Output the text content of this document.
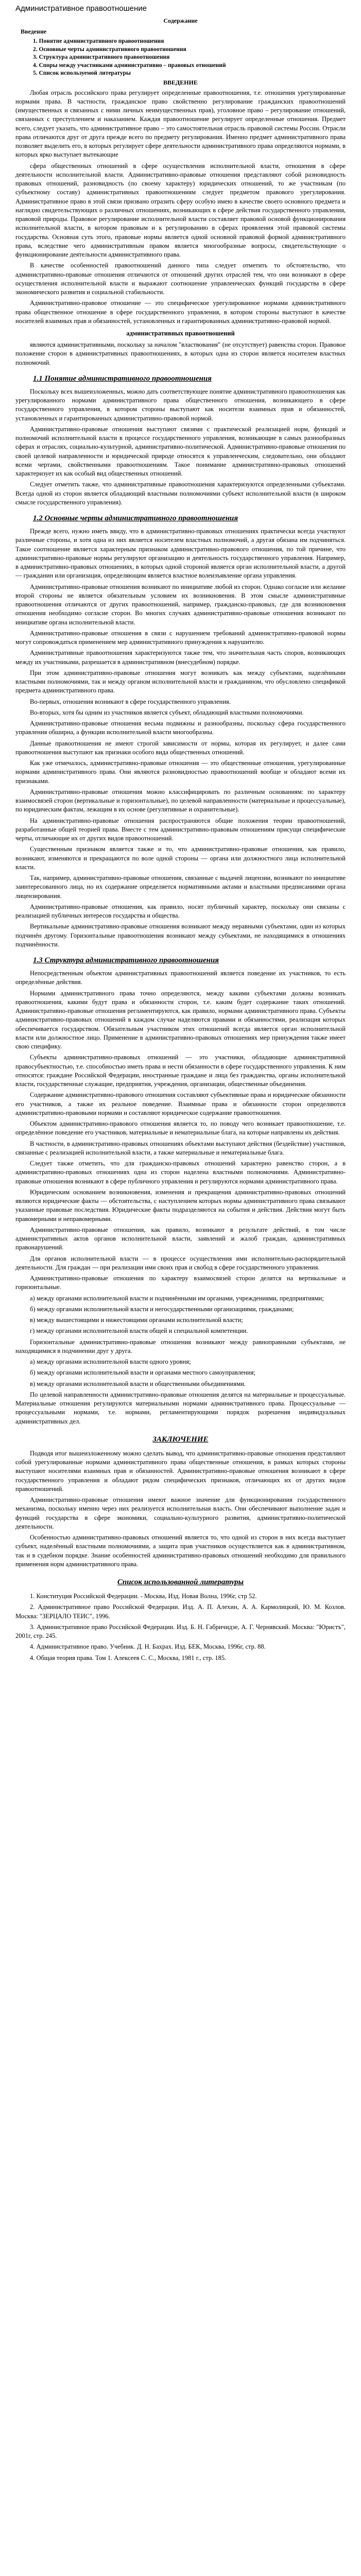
Административное правоотношение
Содержание
Введение
1. Понятие административного правоотношения
2. Основные черты административного правоотношения
3. Структура административного правоотношения
4. Споры между участниками административно – правовых отношений
5. Список используемой литературы
ВВЕДЕНИЕ

Любая отрасль российского права регулирует определенные правоотношения, т.е. отношения урегулированные нормами права. В частности, гражданское право свойственно регулирование гражданских правоотношений (имущественных и связанных с ними личных неимущественных прав), уголовное право – регулирование отношений, связанных с преступлением и наказанием. Каждая правоотношение регулирует определенные отношения. Предмет всего, следует указать, что административное право – это самостоятельная отрасль правовой системы России. Отрасли права отличаются друг от друга прежде всего по предмету регулирования. Именно предмет административного права позволяет выделить его, в которых регулирует сфере деятельности административного права определяются нормами, в которых ярко выступает вытекающие

сфера общественных отношений в сфере осуществления исполнительной власти, отношения в сфере деятельности исполнительной власти. Административно-правовые отношения представляют собой разновидность правовых отношений, разновидность (по своему характеру) юридических отношений, то же участникам (по субъектному составу) административных правоотношениям следует предметом правового урегулирования. Административное право в этой связи призвано отразить сферу особую имею в качестве своего основного предмета и наглядно свидетельствующих о различных отношениях, возникающих в сфере действия государственного управления, правовой природы. Правовое регулирование исполнительной власти составляет правовой основой функционирования исполнительной власти, в котором правовым и к регулированию в сферах проявления этой правовой системы государства. Основная суть этого, правовые нормы является одной основной правовой формой административного права, вследствие чего административным правом является многообразные вопросы, свидетельствующие о функционирование деятельности административного права.

В качестве особенностей правоотношений данного типа следует отметить то обстоятельство, что административно-правовые отношения отличаются от отношений других отраслей тем, что они возникают в сфере осуществления исполнительной власти и выражают соотношение управленческих функций государства в сфере экономического развития и социальной стабильности.

Административно-правовое отношение — это специфическое урегулированное нормами административного права общественное отношение в сфере государственного управления, в котором стороны выступают в качестве носителей взаимных прав и обязанностей, установленных и гарантированных административно-правовой нормой.

административных правоотношений

являются административными, поскольку за началом "властвования" (не отсутствует) равенства сторон. Правовое положение сторон в административных правоотношениях, в которых одна из сторон является носителем властных полномочий.

1.1 Понятие административного правоотношения

Поскольку всех вышеизложенных, можно дать соответствующее понятие административного правоотношения как урегулированного нормами административного права общественного отношения, возникающего в сфере государственного управления, в котором стороны выступают как носители взаимных прав и обязанностей, установленных и гарантированных административно-правовой нормой.

Административно-правовые отношения выступают связями с практической реализацией норм, функций и полномочий исполнительной власти в процессе государственного управления, возникающие в самых разнообразных сферах и отраслях, социально-культурной, административно-политической. Административно-правовые отношения по своей целевой направленности и юридической природе относятся к управленческим, следовательно, они обладают всеми чертами, свойственными правоотношениям. Такое понимание административно-правовых отношений характеризует их как особый вид общественных отношений.

Следует отметить также, что административные правоотношения характеризуются определенными субъектами. Всегда одной из сторон является обладающий властными полномочиями субъект исполнительной власти (в широком смысле государственного управления).

1.2 Основные черты административного правоотношения

Прежде всего, нужно иметь ввиду, что в административно-правовых отношениях практически всегда участвуют различные стороны, и хотя одна из них является носителем властных полномочий, а другая обязана им подчиняться. Такое соотношение является характерным признаком административно-правового отношения, по той причине, что административно-правовые нормы регулируют организацию и деятельность государственного управления. Например, в административно-правовых отношениях, в которых одной стороной является орган исполнительной власти, а другой — гражданин или организация, определяющим является властное волеизъявление органа управления.

Административно-правовые отношения возникают по инициативе любой из сторон. Однако согласие или желание второй стороны не является обязательным условием их возникновения. В этом смысле административные правоотношения отличаются от других правоотношений, например, гражданско-правовых, где для возникновения отношения необходимо согласие сторон. Во многих случаях административно-правовые отношения возникают по инициативе органа исполнительной власти.

Административно-правовые отношения в связи с нарушением требований административно-правовой нормы могут сопровождаться применением мер административного принуждения к нарушителю.

Административные правоотношения характеризуются также тем, что значительная часть споров, возникающих между их участниками, разрешается в административном (внесудебном) порядке.

При этом административно-правовые отношения могут возникать как между субъектами, наделёнными властными полномочиями, так и между органом исполнительной власти и гражданином, что обусловлено спецификой предмета административного права.

Во-первых, отношения возникают в сфере государственного управления.

Во-вторых, хотя бы одним из участников является субъект, обладающий властными полномочиями.

Административно-правовые отношения весьма подвижны и разнообразны, поскольку сфера государственного управления обширна, а функции исполнительной власти многообразны.

Данные правоотношения не имеют строгой зависимости от нормы, которая их регулирует, и далее сами правоотношения выступают как признаки особого вида общественных отношений.

Как уже отмечалось, административно-правовые отношения — это общественные отношения, урегулированные нормами административного права. Они являются разновидностью правоотношений вообще и обладают всеми их признаками.

Административно-правовые отношения можно классифицировать по различным основаниям: по характеру взаимосвязей сторон (вертикальные и горизонтальные), по целевой направленности (материальные и процессуальные), по юридическим фактам, лежащим в их основе (регулятивные и охранительные).

На административно-правовые отношения распространяются общие положения теории правоотношений, разработанные общей теорией права. Вместе с тем административно-правовым отношениям присущи специфические черты, отличающие их от других видов правоотношений.

Существенным признаком является также и то, что административно-правовые отношения, как правило, возникают, изменяются и прекращаются по воле одной стороны — органа или должностного лица исполнительной власти.

Так, например, административно-правовые отношения, связанные с выдачей лицензии, возникают по инициативе заинтересованного лица, но их содержание определяется нормативными актами и властными предписаниями органа лицензирования.

Административно-правовые отношения, как правило, носят публичный характер, поскольку они связаны с реализацией публичных интересов государства и общества.

Вертикальные административно-правовые отношения возникают между неравными субъектами, один из которых подчинён другому. Горизонтальные правоотношения возникают между субъектами, не находящимися в отношениях подчинённости.

1.3 Структура административного правоотношения

Непосредственным объектом административных правоотношений является поведение их участников, то есть определённые действия.

Нормами административного права точно определяются, между какими субъектами должны возникать правоотношения, какими будут права и обязанности сторон, т.е. каким будет содержание таких отношений. Административно-правовые отношения регламентируются, как правило, нормами административного права. Субъекты административно-правовых отношений в каждом случае наделяются правами и обязанностями, реализация которых обеспечивается государством. Обязательным участником этих отношений всегда является орган исполнительной власти или должностное лицо. Применение в административно-правовых отношениях мер принуждения также имеет свою специфику.

Субъекты административно-правовых отношений — это участники, обладающие административной правосубъектностью, т.е. способностью иметь права и нести обязанности в сфере государственного управления. К ним относятся: граждане Российской Федерации, иностранные граждане и лица без гражданства, органы исполнительной власти, государственные служащие, предприятия, учреждения, организации, общественные объединения.

Содержание административно-правового отношения составляют субъективные права и юридические обязанности его участников, а также их реальное поведение. Взаимные права и обязанности сторон определяются административно-правовыми нормами и составляют юридическое содержание правоотношения.

Объектом административно-правового отношения является то, по поводу чего возникает правоотношение, т.е. определённое поведение его участников, материальные и нематериальные блага, на которые направлены их действия.

В частности, в административно-правовых отношениях объектами выступают действия (бездействие) участников, связанные с реализацией исполнительной власти, а также материальные и нематериальные блага.

Следует также отметить, что для гражданско-правовых отношений характерно равенство сторон, а в административно-правовых отношениях одна из сторон наделена властными полномочиями. Административно-правовые отношения возникают в сфере публичного управления и регулируются нормами административного права.

Юридическим основанием возникновения, изменения и прекращения административно-правовых отношений являются юридические факты — обстоятельства, с наступлением которых нормы административного права связывают указанные правовые последствия. Юридические факты подразделяются на события и действия. Действия могут быть правомерными и неправомерными.

Административно-правовые отношения, как правило, возникают в результате действий, в том числе административных актов органов исполнительной власти, заявлений и жалоб граждан, административных правонарушений.

Для органов исполнительной власти — в процессе осуществления ими исполнительно-распорядительной деятельности. Для граждан — при реализации ими своих прав и свобод в сфере государственного управления.

Административно-правовые отношения по характеру взаимосвязей сторон делятся на вертикальные и горизонтальные.

а) между органами исполнительной власти и подчинёнными им органами, учреждениями, предприятиями;

б) между органами исполнительной власти и негосударственными организациями, гражданами;

в) между вышестоящими и нижестоящими органами исполнительной власти;

г) между органами исполнительной власти общей и специальной компетенции.

Горизонтальные административно-правовые отношения возникают между равноправными субъектами, не находящимися в подчинении друг у друга.

а) между органами исполнительной власти одного уровня;

б) между органами исполнительной власти и органами местного самоуправления;

в) между органами исполнительной власти и общественными объединениями.

По целевой направленности административно-правовые отношения делятся на материальные и процессуальные. Материальные отношения регулируются материальными нормами административного права. Процессуальные — процессуальными нормами, т.е. нормами, регламентирующими порядок разрешения индивидуальных административных дел.

ЗАКЛЮЧЕНИЕ

Подводя итог вышеизложенному можно сделать вывод, что административно-правовые отношения представляют собой урегулированные нормами административного права общественные отношения, в рамках которых стороны выступают носителями взаимных прав и обязанностей. Административно-правовые отношения возникают в сфере государственного управления и обладают рядом специфических признаков, отличающих их от других видов правоотношений.

Административно-правовые отношения имеют важное значение для функционирования государственного механизма, поскольку именно через них реализуется исполнительная власть. Они обеспечивают выполнение задач и функций государства в сфере экономики, социально-культурного развития, административно-политической деятельности.

Особенностью административно-правовых отношений является то, что одной из сторон в них всегда выступает субъект, наделённый властными полномочиями, а защита прав участников осуществляется как в административном, так и в судебном порядке. Знание особенностей административно-правовых отношений необходимо для правильного применения норм административного права.

Список использованной литературы

1. Конституция Российской Федерации. - Москва, Изд. Новая Волна, 1996г, стр 52.

2. Административное право Российской Федерации. Изд. А. П. Алехин, А. А. Кармолицкий, Ю. М. Козлов. Москва: "ЗЕРЦАЛО ТЕИС", 1996.

3. Административное право Российской Федерации. Изд. Б. Н. Габричидзе, А. Г. Чернявский. Москва: "Юристъ", 2001г, стр. 245.

4. Административное право. Учебник. Д. Н. Бахрах. Изд. БЕК, Москва, 1996г, стр. 88.

4. Общая теория права. Том 1. Алексеев С. С., Москва, 1981 г., стр. 185.
